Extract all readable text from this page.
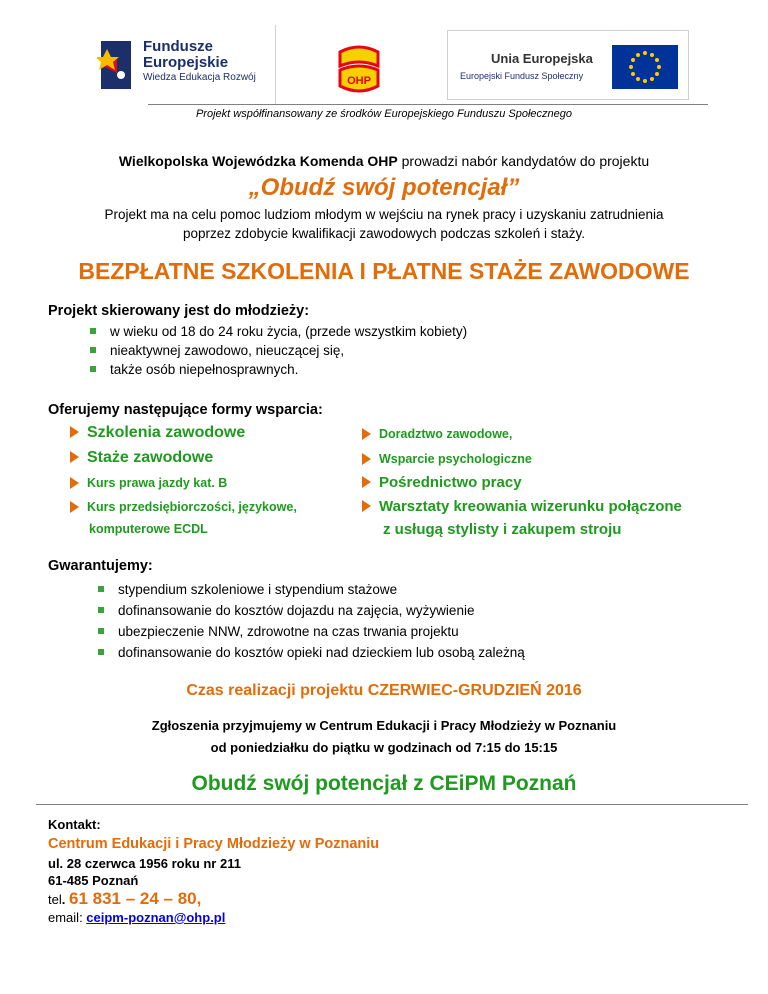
Fundusze
Europejskie
Wiedza Edukacja Rozwój	OHP
Unia Europejska
Europejski Fundusz Społeczny
Projekt współfinansowany ze środków Europejskiego Funduszu Społecznego
Wielkopolska Wojewódzka Komenda OHP prowadzi nabór kandydatów do projektu
„Obudź swój potencjał”
Projekt ma na celu pomoc ludziom młodym w wejściu na rynek pracy i uzyskaniu zatrudnienia
poprzez zdobycie kwalifikacji zawodowych podczas szkoleń i staży.
BEZPŁATNE SZKOLENIA I PŁATNE STAŻE ZAWODOWE
Projekt skierowany jest do młodzieży:
w wieku od 18 do 24 roku życia, (przede wszystkim kobiety)
nieaktywnej zawodowo, nieuczącej się,
także osób niepełnosprawnych.
Oferujemy następujące formy wsparcia:
Szkolenia zawodowe
Staże zawodowe
Kurs prawa jazdy kat. B
Kurs przedsiębiorczości, językowe,
komputerowe ECDL
Doradztwo zawodowe,
Wsparcie psychologiczne
Pośrednictwo pracy
Warsztaty kreowania wizerunku połączone
z usługą stylisty i zakupem stroju
Gwarantujemy:
stypendium szkoleniowe i stypendium stażowe
dofinansowanie do kosztów dojazdu na zajęcia, wyżywienie
ubezpieczenie NNW, zdrowotne na czas trwania projektu
dofinansowanie do kosztów opieki nad dzieckiem lub osobą zależną
Czas realizacji projektu CZERWIEC-GRUDZIEŃ 2016
Zgłoszenia przyjmujemy w Centrum Edukacji i Pracy Młodzieży w Poznaniu
od poniedziałku do piątku w godzinach od 7:15 do 15:15
Obudź swój potencjał z CEiPM Poznań
Kontakt:
Centrum Edukacji i Pracy Młodzieży w Poznaniu
ul. 28 czerwca 1956 roku nr 211
61-485 Poznań
tel. 61 831 – 24 – 80,
email: ceipm-poznan@ohp.pl
